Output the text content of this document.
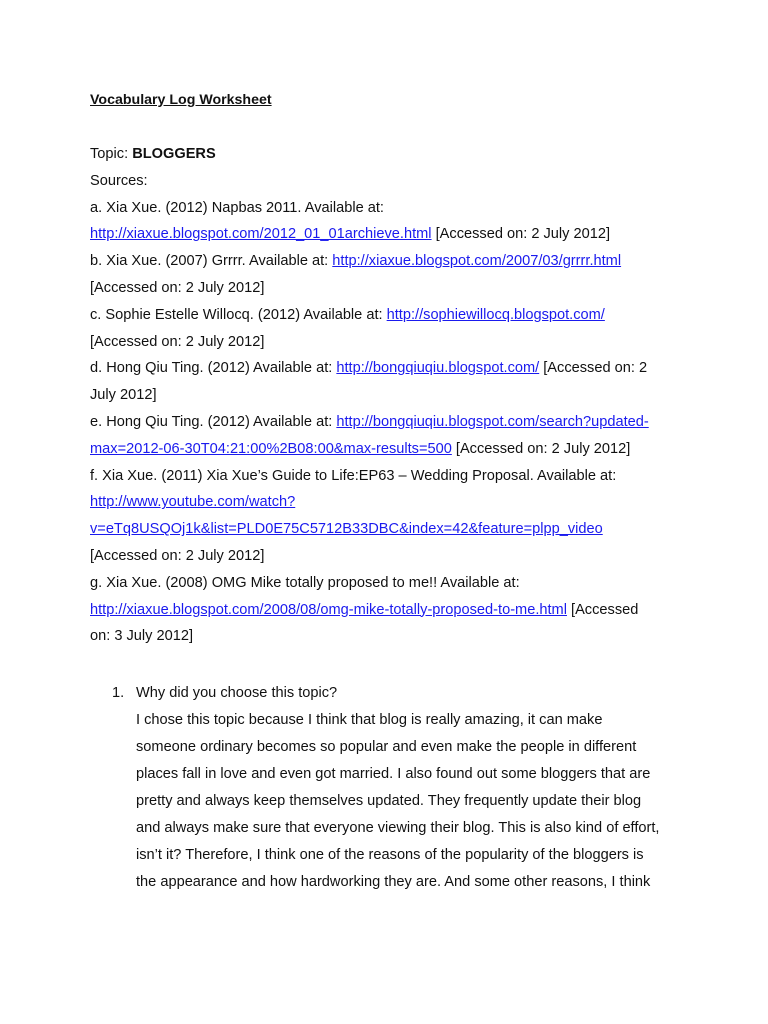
Vocabulary Log Worksheet
Topic: BLOGGERS
Sources:
a. Xia Xue. (2012) Napbas 2011. Available at:
http://xiaxue.blogspot.com/2012_01_01archieve.html [Accessed on: 2 July 2012]
b. Xia Xue. (2007) Grrrr. Available at: http://xiaxue.blogspot.com/2007/03/grrrr.html
[Accessed on: 2 July 2012]
c. Sophie Estelle Willocq. (2012) Available at: http://sophiewillocq.blogspot.com/
[Accessed on: 2 July 2012]
d. Hong Qiu Ting. (2012) Available at: http://bongqiuqiu.blogspot.com/ [Accessed on: 2
July 2012]
e. Hong Qiu Ting. (2012) Available at: http://bongqiuqiu.blogspot.com/search?updated-
max=2012-06-30T04:21:00%2B08:00&max-results=500 [Accessed on: 2 July 2012]
f. Xia Xue. (2011) Xia Xue’s Guide to Life:EP63 – Wedding Proposal. Available at:
http://www.youtube.com/watch?
v=eTq8USQOj1k&list=PLD0E75C5712B33DBC&index=42&feature=plpp_video
[Accessed on: 2 July 2012]
g. Xia Xue. (2008) OMG Mike totally proposed to me!! Available at:
http://xiaxue.blogspot.com/2008/08/omg-mike-totally-proposed-to-me.html [Accessed
on: 3 July 2012]
1. Why did you choose this topic?
I chose this topic because I think that blog is really amazing, it can make
someone ordinary becomes so popular and even make the people in different
places fall in love and even got married. I also found out some bloggers that are
pretty and always keep themselves updated. They frequently update their blog
and always make sure that everyone viewing their blog. This is also kind of effort,
isn’t it? Therefore, I think one of the reasons of the popularity of the bloggers is
the appearance and how hardworking they are. And some other reasons, I think
